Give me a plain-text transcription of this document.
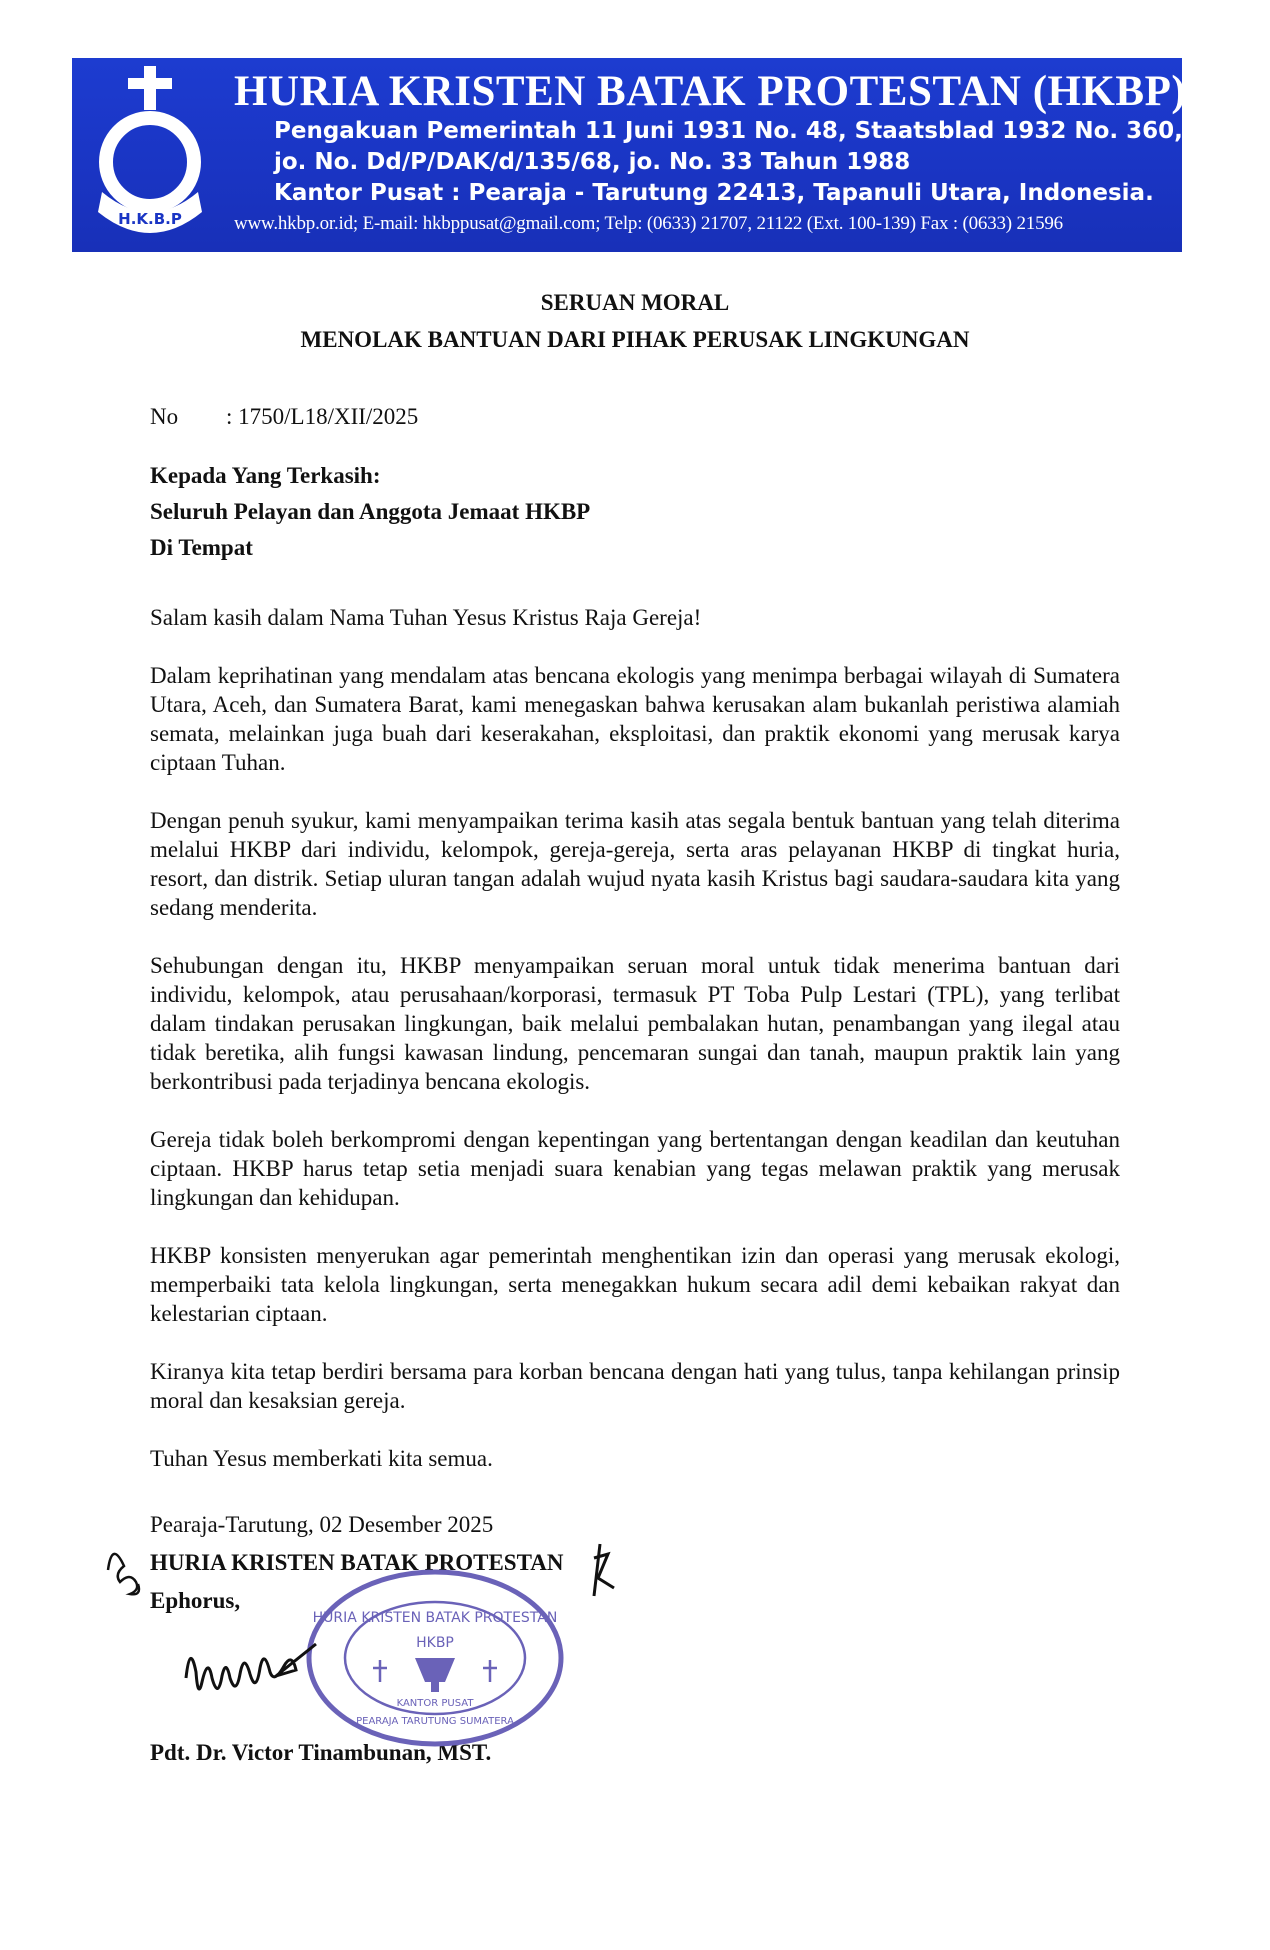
H.K.B.P
HURIA KRISTEN BATAK PROTESTAN (HKBP)
Pengakuan Pemerintah 11 Juni 1931 No. 48, Staatsblad 1932 No. 360,
jo. No. Dd/P/DAK/d/135/68, jo. No. 33 Tahun 1988
Kantor Pusat : Pearaja - Tarutung 22413, Tapanuli Utara, Indonesia.
www.hkbp.or.id; E-mail: hkbppusat@gmail.com; Telp: (0633) 21707, 21122 (Ext. 100-139) Fax : (0633) 21596
SERUAN MORAL
MENOLAK BANTUAN DARI PIHAK PERUSAK LINGKUNGAN
No : 1750/L18/XII/2025
Kepada Yang Terkasih:
Seluruh Pelayan dan Anggota Jemaat HKBP
Di Tempat

Salam kasih dalam Nama Tuhan Yesus Kristus Raja Gereja!

Dalam keprihatinan yang mendalam atas bencana ekologis yang menimpa berbagai wilayah di Sumatera Utara, Aceh, dan Sumatera Barat, kami menegaskan bahwa kerusakan alam bukanlah peristiwa alamiah semata, melainkan juga buah dari keserakahan, eksploitasi, dan praktik ekonomi yang merusak karya ciptaan Tuhan.

Dengan penuh syukur, kami menyampaikan terima kasih atas segala bentuk bantuan yang telah diterima melalui HKBP dari individu, kelompok, gereja-gereja, serta aras pelayanan HKBP di tingkat huria, resort, dan distrik. Setiap uluran tangan adalah wujud nyata kasih Kristus bagi saudara-saudara kita yang sedang menderita.

Sehubungan dengan itu, HKBP menyampaikan seruan moral untuk tidak menerima bantuan dari individu, kelompok, atau perusahaan/korporasi, termasuk PT Toba Pulp Lestari (TPL), yang terlibat dalam tindakan perusakan lingkungan, baik melalui pembalakan hutan, penambangan yang ilegal atau tidak beretika, alih fungsi kawasan lindung, pencemaran sungai dan tanah, maupun praktik lain yang berkontribusi pada terjadinya bencana ekologis.

Gereja tidak boleh berkompromi dengan kepentingan yang bertentangan dengan keadilan dan keutuhan ciptaan. HKBP harus tetap setia menjadi suara kenabian yang tegas melawan praktik yang merusak lingkungan dan kehidupan.

HKBP konsisten menyerukan agar pemerintah menghentikan izin dan operasi yang merusak ekologi, memperbaiki tata kelola lingkungan, serta menegakkan hukum secara adil demi kebaikan rakyat dan kelestarian ciptaan.

Kiranya kita tetap berdiri bersama para korban bencana dengan hati yang tulus, tanpa kehilangan prinsip moral dan kesaksian gereja.

Tuhan Yesus memberkati kita semua.

Pearaja-Tarutung, 02 Desember 2025
HURIA KRISTEN BATAK PROTESTAN
Ephorus,
Pdt. Dr. Victor Tinambunan, MST.
HURIA KRISTEN BATAK PROTESTAN
HKBP
KANTOR PUSAT
PEARAJA TARUTUNG SUMATERA
